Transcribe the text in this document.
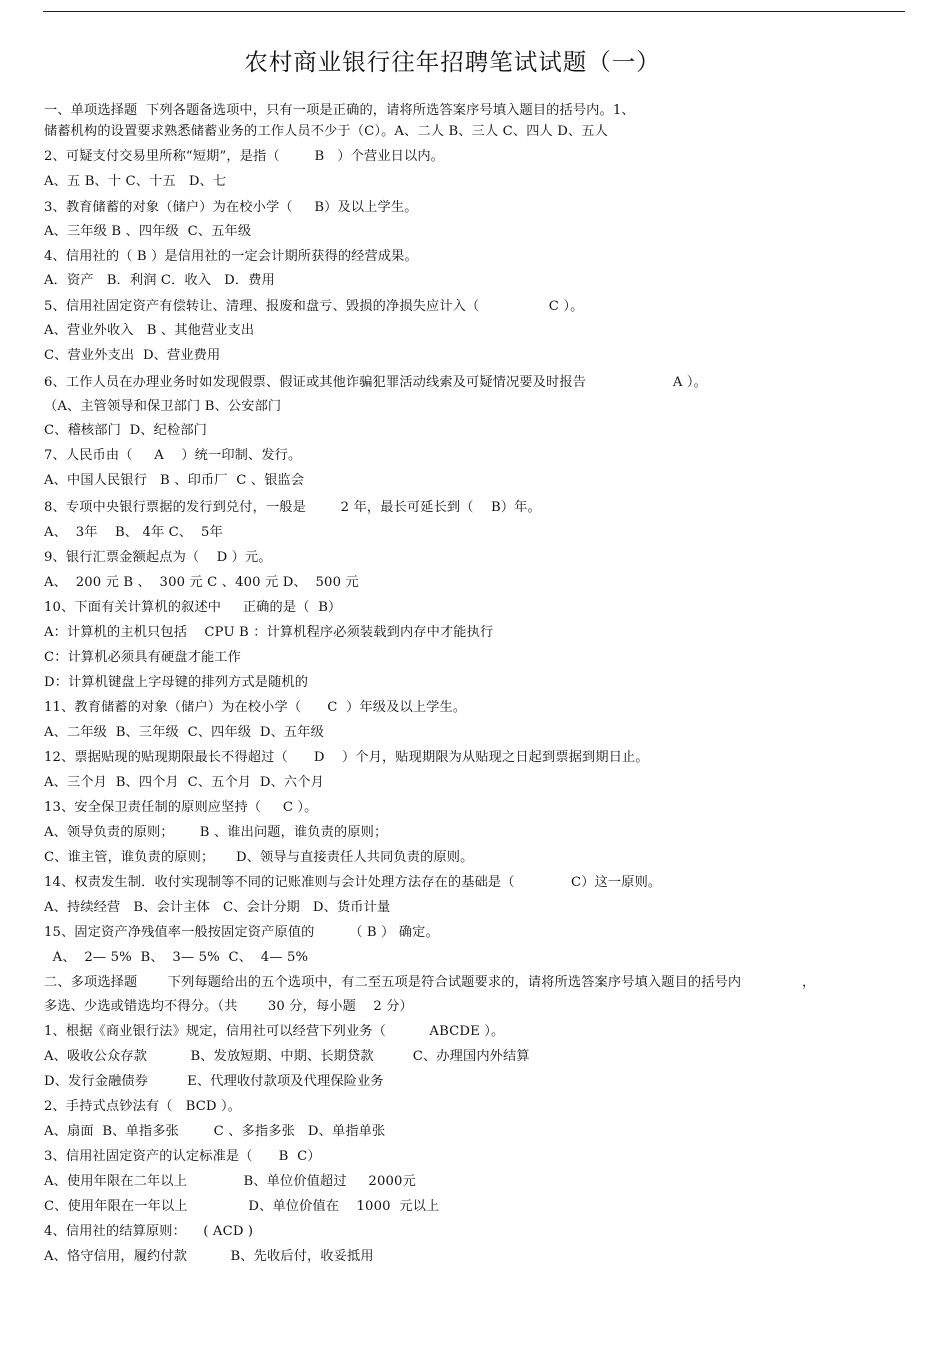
农村商业银行往年招聘笔试试题（一）
一、单项选择题  下列各题备选项中，只有一项是正确的，请将所选答案序号填入题目的括号内。1、
储蓄机构的设置要求熟悉储蓄业务的工作人员不少于（C）。A、二人 B、三人 C、四人 D、五人
2、可疑支付交易里所称“短期”，是指（        B   ）个营业日以内。
A、五 B、十 C、十五   D、七
3、教育储蓄的对象（储户）为在校小学（     B）及以上学生。
A、三年级 B 、四年级  C、五年级
4、信用社的（ B ）是信用社的一定会计期所获得的经营成果。
A．资产   B．利润 C．收入   D．费用
5、信用社固定资产有偿转让、清理、报废和盘亏、毁损的净损失应计入（                C ）。
A、营业外收入   B 、其他营业支出
C、营业外支出  D、营业费用
6、工作人员在办理业务时如发现假票、假证或其他诈骗犯罪活动线索及可疑情况要及时报告                    A ）。
（A、主管领导和保卫部门 B、公安部门
C、稽核部门  D、纪检部门
7、人民币由（     A    ）统一印制、发行。
A、中国人民银行   B 、印币厂  C 、银监会
8、专项中央银行票据的发行到兑付，一般是        2 年，最长可延长到（    B）年。
A、  3年    B、 4年 C、  5年
9、银行汇票金额起点为（    D ）元。
A、  200 元 B 、  300 元 C 、400 元 D、  500 元
10、下面有关计算机的叙述中     正确的是（  B）
A：计算机的主机只包括    CPU B ：计算机程序必须装载到内存中才能执行
C：计算机必须具有硬盘才能工作
D：计算机键盘上字母键的排列方式是随机的
11、教育储蓄的对象（储户）为在校小学（      C  ）年级及以上学生。
A、二年级  B、三年级  C、四年级  D、五年级
12、票据贴现的贴现期限最长不得超过（      D    ）个月，贴现期限为从贴现之日起到票据到期日止。
A、三个月  B、四个月  C、五个月  D、六个月
13、安全保卫责任制的原则应坚持（     C ）。
A、领导负责的原则；      B 、谁出问题，谁负责的原则；
C、谁主管，谁负责的原则；     D、领导与直接责任人共同负责的原则。
14、权责发生制．收付实现制等不同的记账准则与会计处理方法存在的基础是（             C）这一原则。
A、持续经营   B、会计主体   C、会计分期   D、货币计量
15、固定资产净残值率一般按固定资产原值的        （ B ） 确定。
A、  2— 5%  B、  3— 5%  C、  4— 5%
二、多项选择题       下列每题给出的五个选项中，有二至五项是符合试题要求的，请将所选答案序号填入题目的括号内              ，
多选、少选或错选均不得分。（共       30 分，每小题    2 分）
1、根据《商业银行法》规定，信用社可以经营下列业务（          ABCDE ）。
A、吸收公众存款          B、发放短期、中期、长期贷款         C、办理国内外结算
D、发行金融债券         E、代理收付款项及代理保险业务
2、手持式点钞法有（   BCD ）。
A、扇面  B、单指多张        C 、多指多张   D、单指单张
3、信用社固定资产的认定标准是（      B  C）
A、使用年限在二年以上             B、单位价值超过     2000元
C、使用年限在一年以上              D、单位价值在    1000  元以上
4、信用社的结算原则：    ( ACD )
A、恪守信用，履约付款          B、先收后付，收妥抵用
